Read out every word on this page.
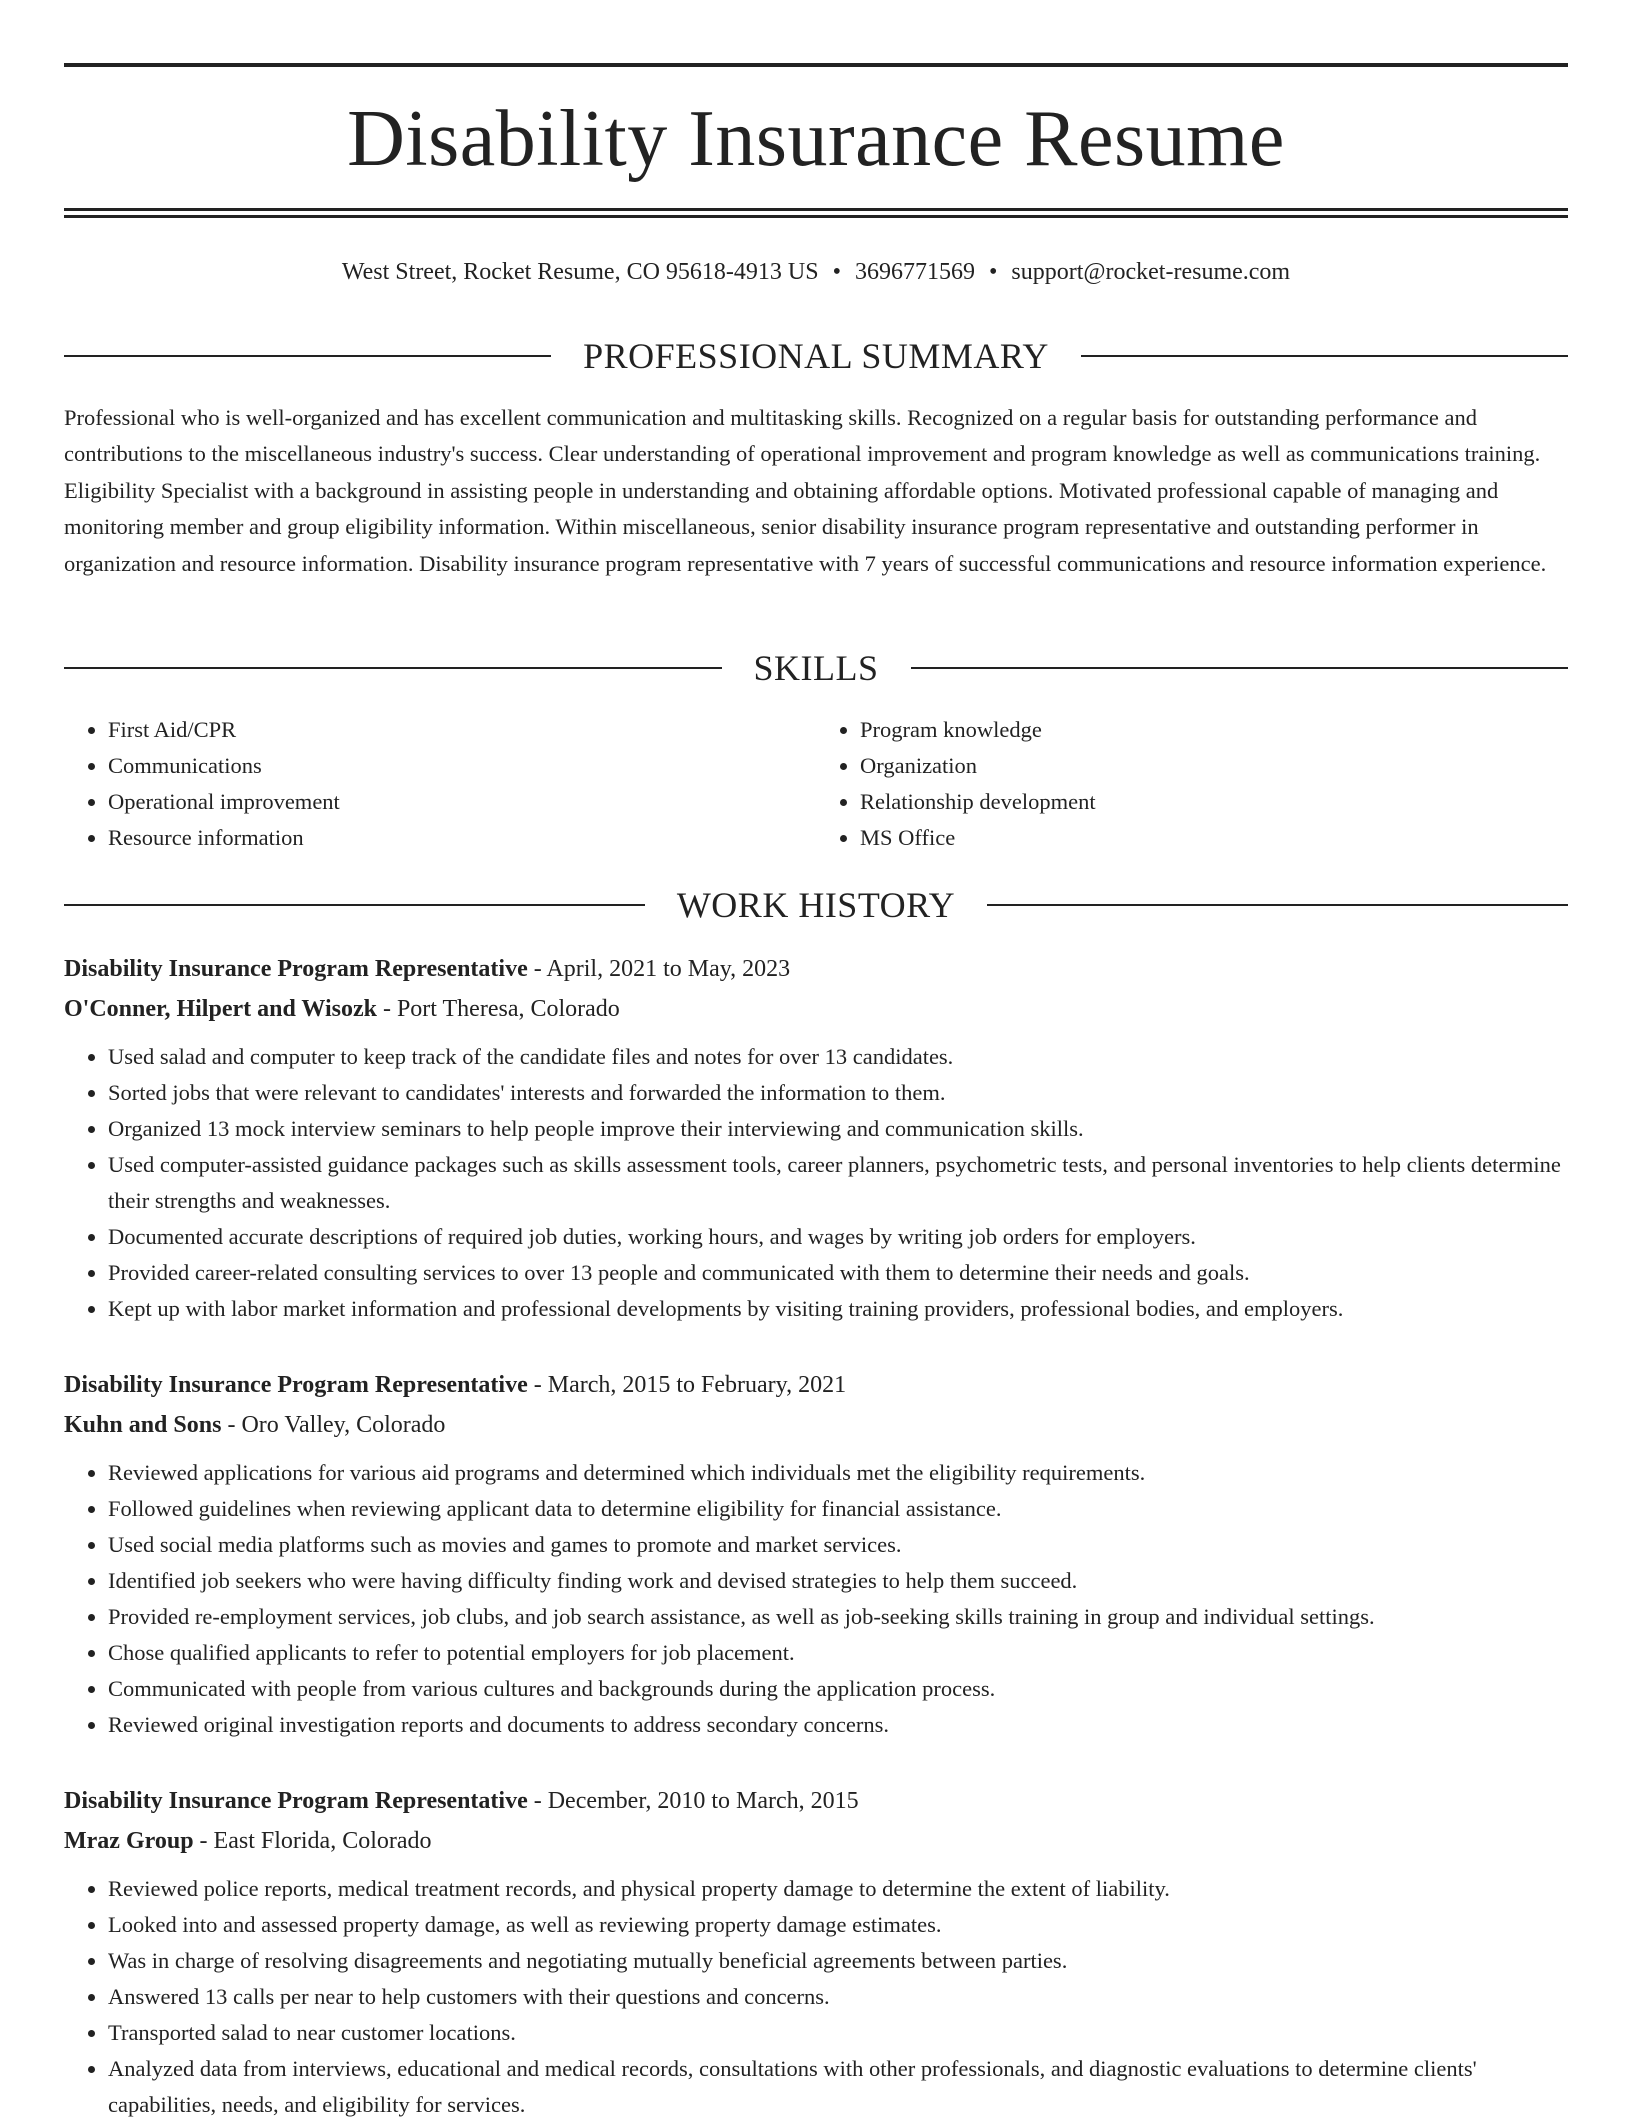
Disability Insurance Resume
West Street, Rocket Resume, CO 95618-4913 US • 3696771569 • support@rocket-resume.com
PROFESSIONAL SUMMARY

Professional who is well-organized and has excellent communication and multitasking skills. Recognized on a regular basis for outstanding performance and contributions to the miscellaneous industry's success. Clear understanding of operational improvement and program knowledge as well as communications training. Eligibility Specialist with a background in assisting people in understanding and obtaining affordable options. Motivated professional capable of managing and monitoring member and group eligibility information. Within miscellaneous, senior disability insurance program representative and outstanding performer in organization and resource information. Disability insurance program representative with 7 years of successful communications and resource information experience.

SKILLS
• First Aid/CPR
• Communications
• Operational improvement
• Resource information
• Program knowledge
• Organization
• Relationship development
• MS Office
WORK HISTORY
Disability Insurance Program Representative - April, 2021 to May, 2023
O'Conner, Hilpert and Wisozk - Port Theresa, Colorado
• Used salad and computer to keep track of the candidate files and notes for over 13 candidates.
• Sorted jobs that were relevant to candidates' interests and forwarded the information to them.
• Organized 13 mock interview seminars to help people improve their interviewing and communication skills.
• Used computer-assisted guidance packages such as skills assessment tools, career planners, psychometric tests, and personal inventories to help clients determine their strengths and weaknesses.
• Documented accurate descriptions of required job duties, working hours, and wages by writing job orders for employers.
• Provided career-related consulting services to over 13 people and communicated with them to determine their needs and goals.
• Kept up with labor market information and professional developments by visiting training providers, professional bodies, and employers.
Disability Insurance Program Representative - March, 2015 to February, 2021
Kuhn and Sons - Oro Valley, Colorado
• Reviewed applications for various aid programs and determined which individuals met the eligibility requirements.
• Followed guidelines when reviewing applicant data to determine eligibility for financial assistance.
• Used social media platforms such as movies and games to promote and market services.
• Identified job seekers who were having difficulty finding work and devised strategies to help them succeed.
• Provided re-employment services, job clubs, and job search assistance, as well as job-seeking skills training in group and individual settings.
• Chose qualified applicants to refer to potential employers for job placement.
• Communicated with people from various cultures and backgrounds during the application process.
• Reviewed original investigation reports and documents to address secondary concerns.
Disability Insurance Program Representative - December, 2010 to March, 2015
Mraz Group - East Florida, Colorado
• Reviewed police reports, medical treatment records, and physical property damage to determine the extent of liability.
• Looked into and assessed property damage, as well as reviewing property damage estimates.
• Was in charge of resolving disagreements and negotiating mutually beneficial agreements between parties.
• Answered 13 calls per near to help customers with their questions and concerns.
• Transported salad to near customer locations.
• Analyzed data from interviews, educational and medical records, consultations with other professionals, and diagnostic evaluations to determine clients' capabilities, needs, and eligibility for services.
